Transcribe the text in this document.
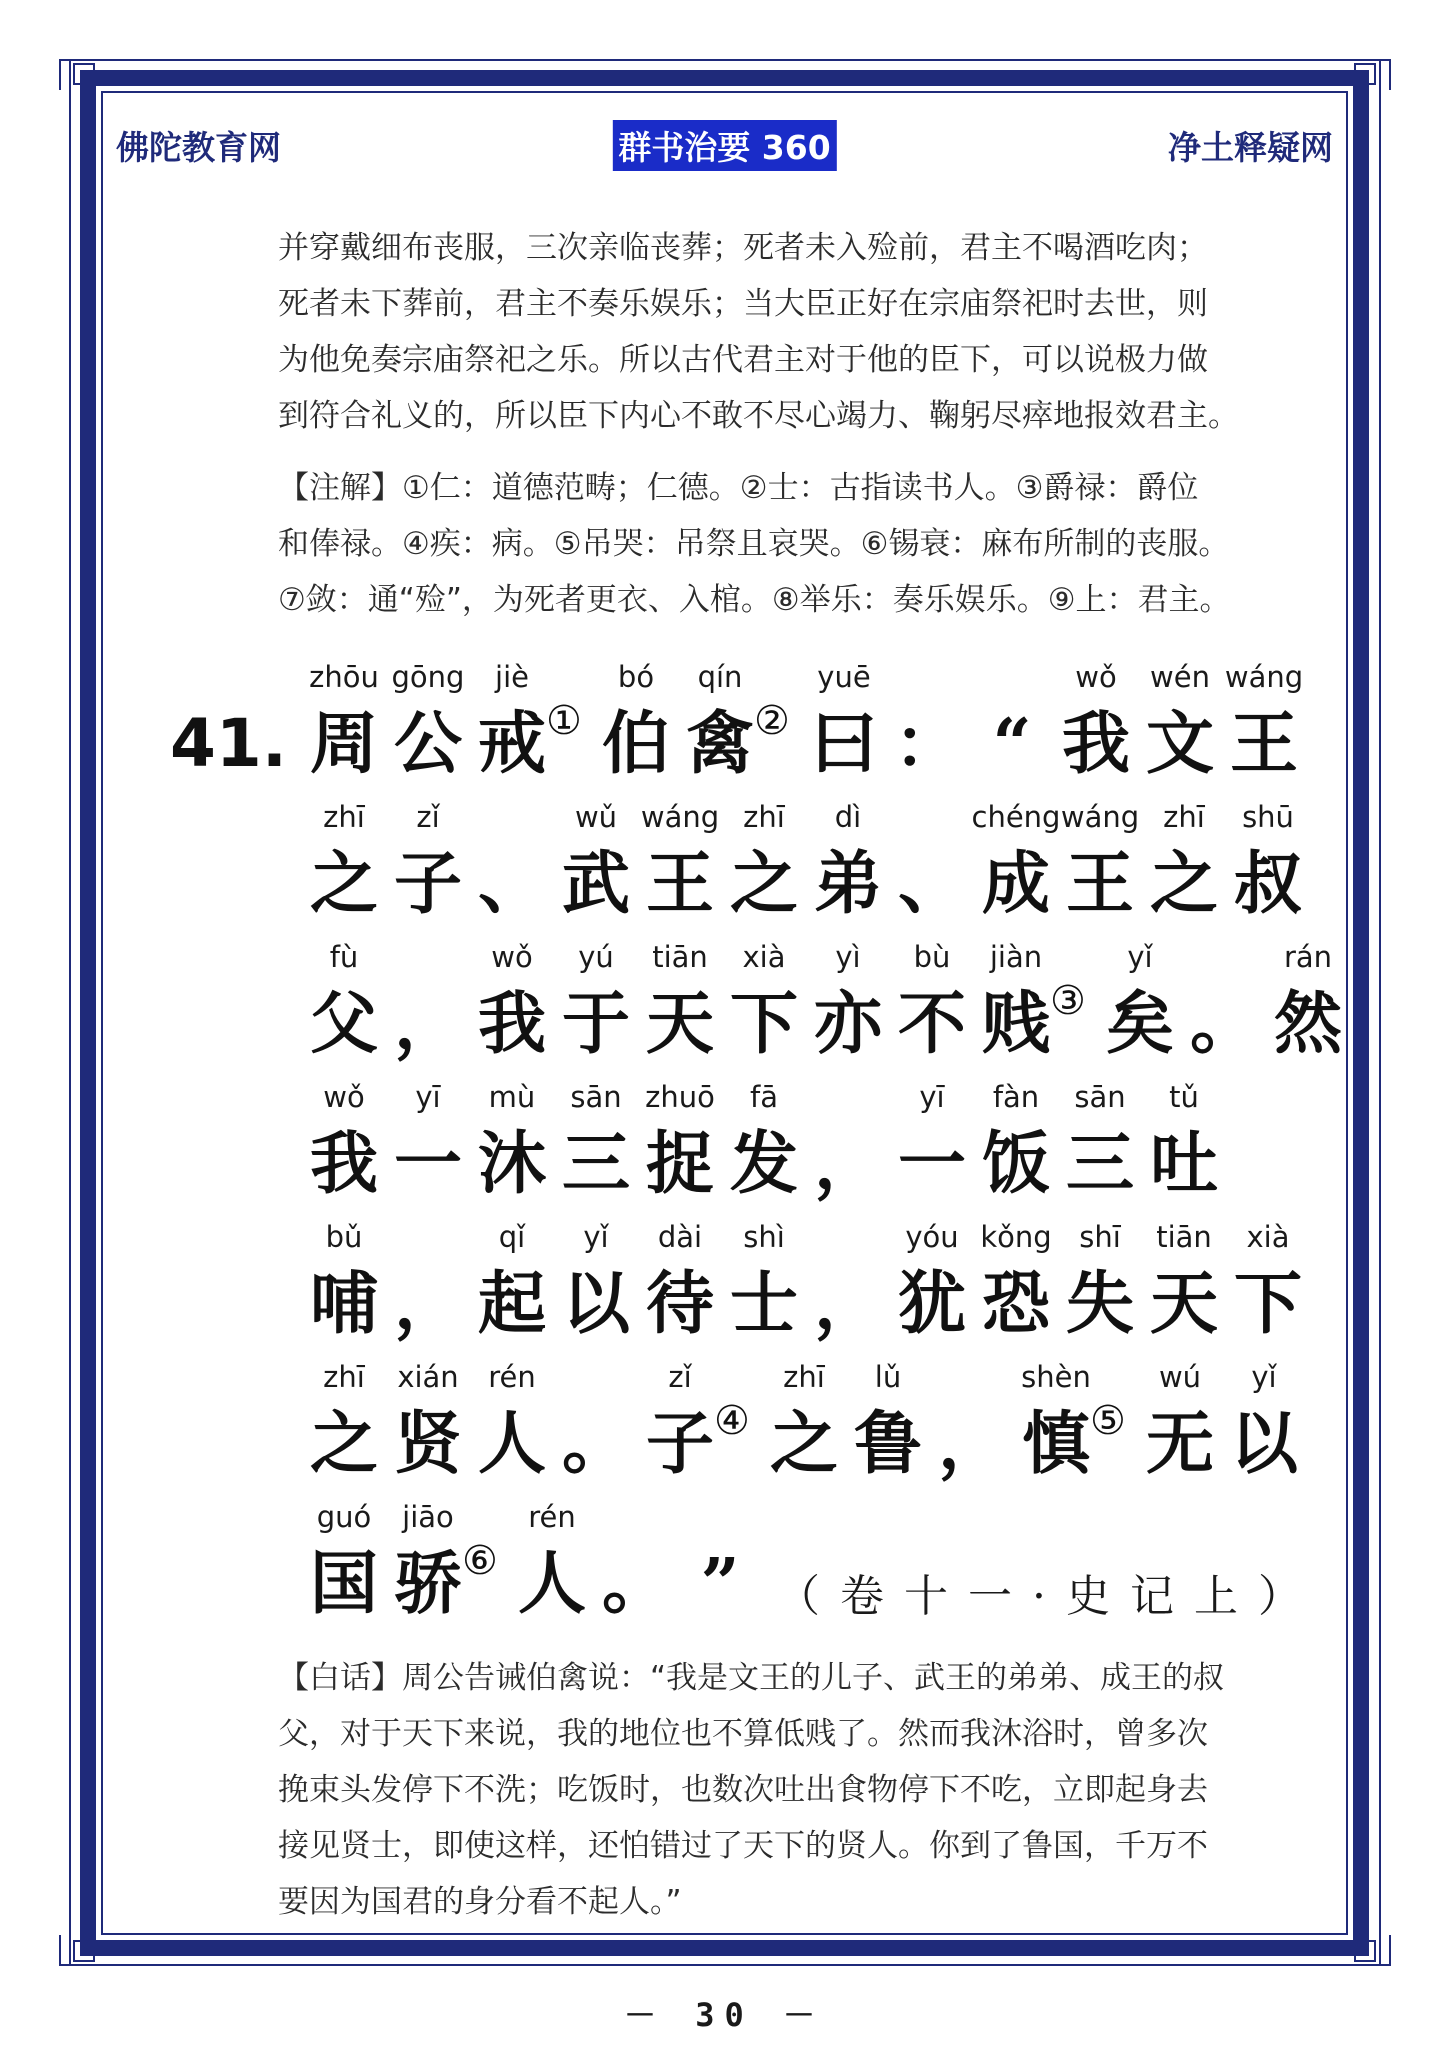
佛陀教育网	群书治要 360	净土释疑网

并穿戴细布丧服，三次亲临丧葬；死者未入殓前，君主不喝酒吃肉；

死者未下葬前，君主不奏乐娱乐；当大臣正好在宗庙祭祀时去世，则

为他免奏宗庙祭祀之乐。所以古代君主对于他的臣下，可以说极力做

到符合礼义的，所以臣下内心不敢不尽心竭力、鞠躬尽瘁地报效君主。

【注解】①仁：道德范畴；仁德。②士：古指读书人。③爵禄：爵位

和俸禄。④疾：病。⑤吊哭：吊祭且哀哭。⑥锡衰：麻布所制的丧服。

⑦敛：通“殓”，为死者更衣、入棺。⑧举乐：奏乐娱乐。⑨上：君主。

41.
zhōu
周
gōng
公
jiè
戒 ①
bó
伯
qín
禽 ②
yuē
曰 ： “
wǒ
我
wén
文
wáng
王
zhī
之
zǐ
子 、
wǔ
武
wáng
王
zhī
之
dì
弟 、
chéng
成
wáng
王
zhī
之
shū
叔
fù
父 ，
wǒ
我
yú
于
tiān
天
xià
下
yì
亦
bù
不
jiàn
贱 ③
yǐ
矣 。
rán
然
wǒ
我
yī
一
mù
沐
sān
三
zhuō
捉
fā
发 ，
yī
一
fàn
饭
sān
三
tǔ
吐
bǔ
哺 ，
qǐ
起
yǐ
以
dài
待
shì
士 ，
yóu
犹
kǒng
恐
shī
失
tiān
天
xià
下
zhī
之
xián
贤
rén
人 。
zǐ
子 ④
zhī
之
lǔ
鲁 ，
shèn
慎 ⑤
wú
无
yǐ
以
guó
国
jiāo
骄 ⑥
rén
人 。 ” （卷十一·史记上）

【白话】周公告诫伯禽说：“我是文王的儿子、武王的弟弟、成王的叔

父，对于天下来说，我的地位也不算低贱了。然而我沐浴时，曾多次

挽束头发停下不洗；吃饭时，也数次吐出食物停下不吃，立即起身去

接见贤士，即使这样，还怕错过了天下的贤人。你到了鲁国，千万不

要因为国君的身分看不起人。”

－ 30 －
